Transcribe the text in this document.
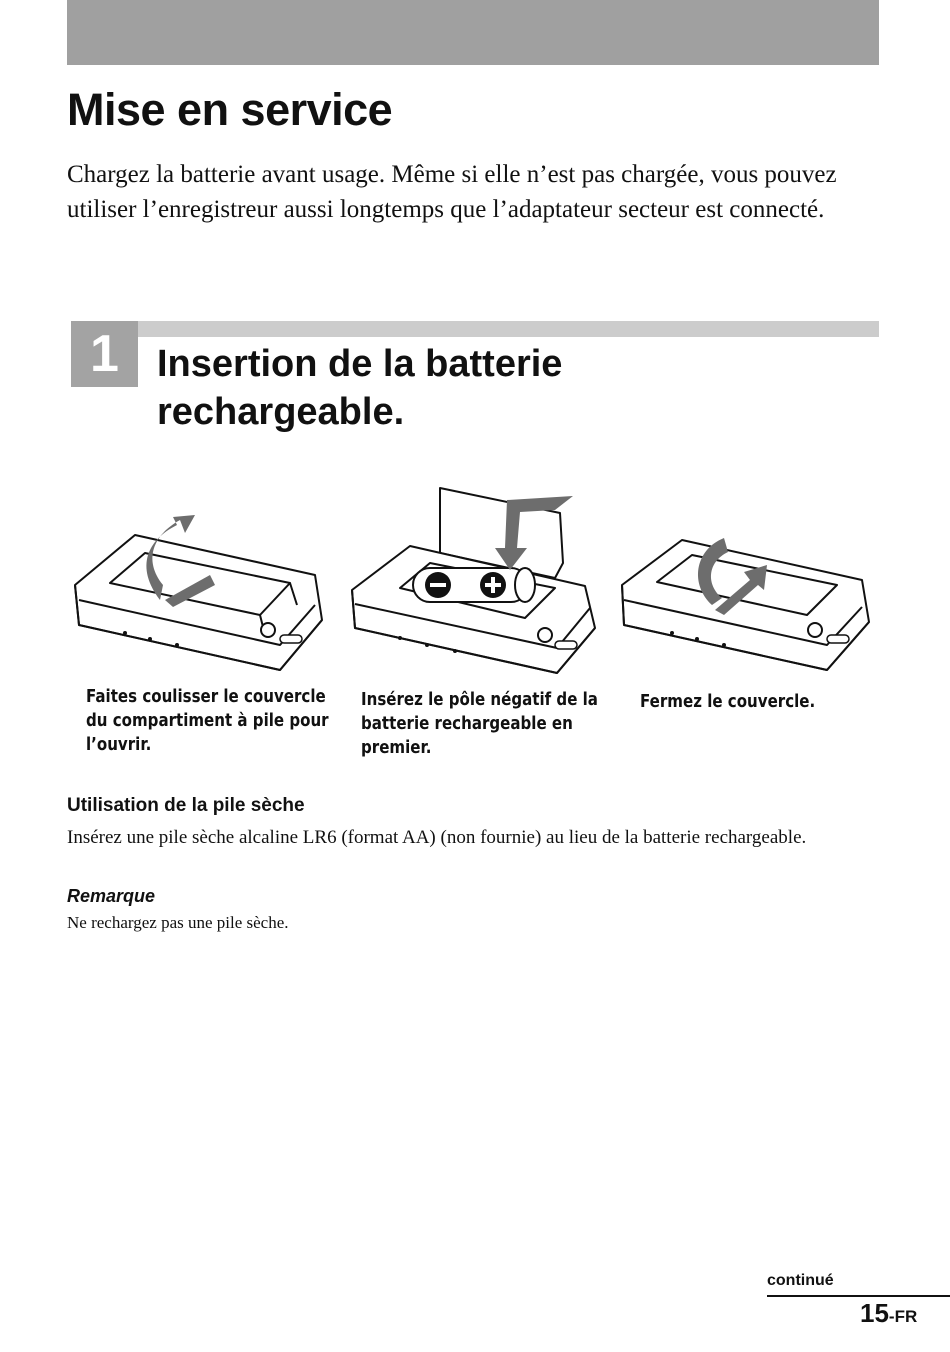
Mise en service

Chargez la batterie avant usage. Même si elle n’est pas chargée, vous pouvez utiliser l’enregistreur aussi longtemps que l’adaptateur secteur est connecté.

1	Insertion de la batterie
rechargeable.

Faites coulisser le couvercle du compartiment à pile pour l’ouvrir.

Insérez le pôle négatif de la batterie rechargeable en premier.

Fermez le couvercle.

Utilisation de la pile sèche

Insérez une pile sèche alcaline LR6 (format AA) (non fournie) au lieu de la batterie rechargeable.

Remarque

Ne rechargez pas une pile sèche.

continué

15-FR
